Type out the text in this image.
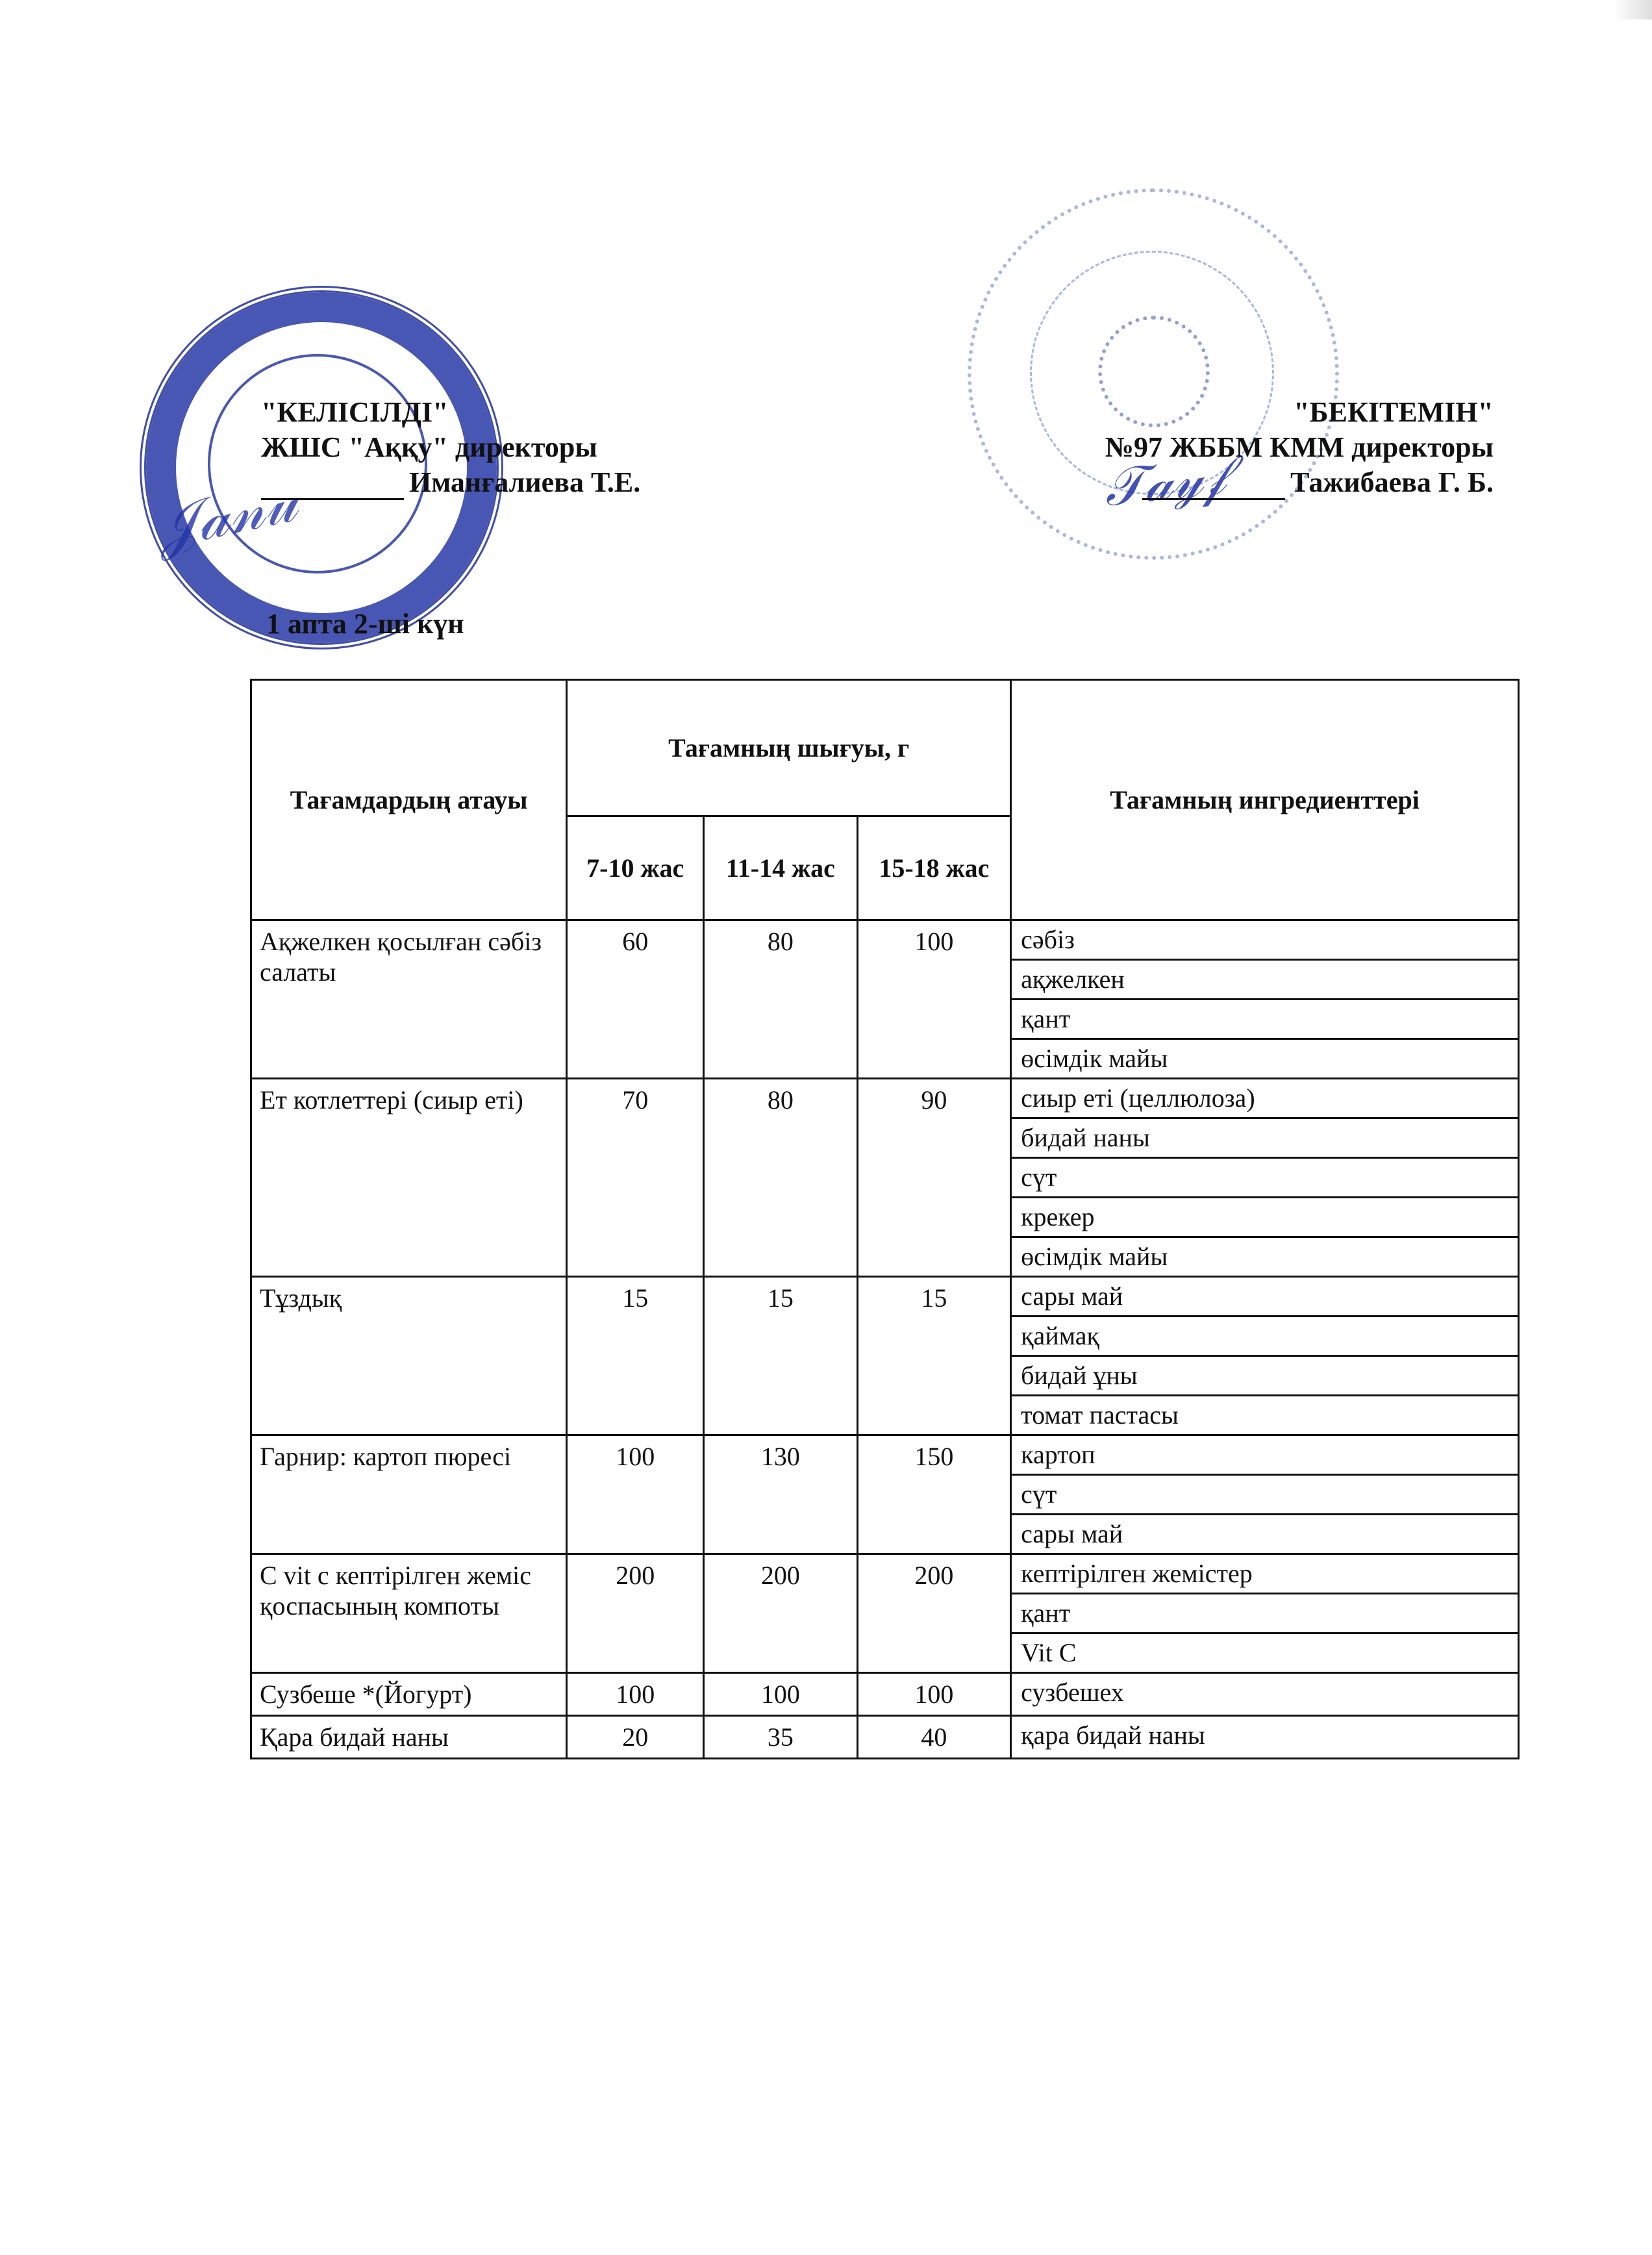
𝒥𝒶𝓃𝓊
"КЕЛІСІЛДІ"
ЖШС "Аққу" директоры
Иманғалиева Т.Е.	𝒯𝒶𝓎𝒻
"БЕКІТЕМІН"
№97 ЖББМ КММ директоры
Тажибаева Г. Б.
1 апта 2-ші күн
Тағамдардың атауы	Тағамның шығуы, г			Тағамның ингредиенттері
	7-10 жас	11-14 жас	15-18 жас	
Ақжелкен қосылған сәбіз салаты	60	80	100	сәбіз
ақжелкен
қант
өсімдік майы

Ет котлеттері (сиыр еті)	70	80	90	сиыр еті (целлюлоза)
бидай наны
сүт
крекер
өсімдік майы

Тұздық	15	15	15	сары май
қаймақ
бидай ұны
томат пастасы

Гарнир: картоп пюресі	100	130	150	картоп
сүт
сары май

C vit с кептірілген жеміс қоспасының компоты	200	200	200	кептірілген жемістер
қант
Vit C

Сузбеше *(Йогурт)	100	100	100	сузбешех

Қара бидай наны	20	35	40	қара бидай наны
